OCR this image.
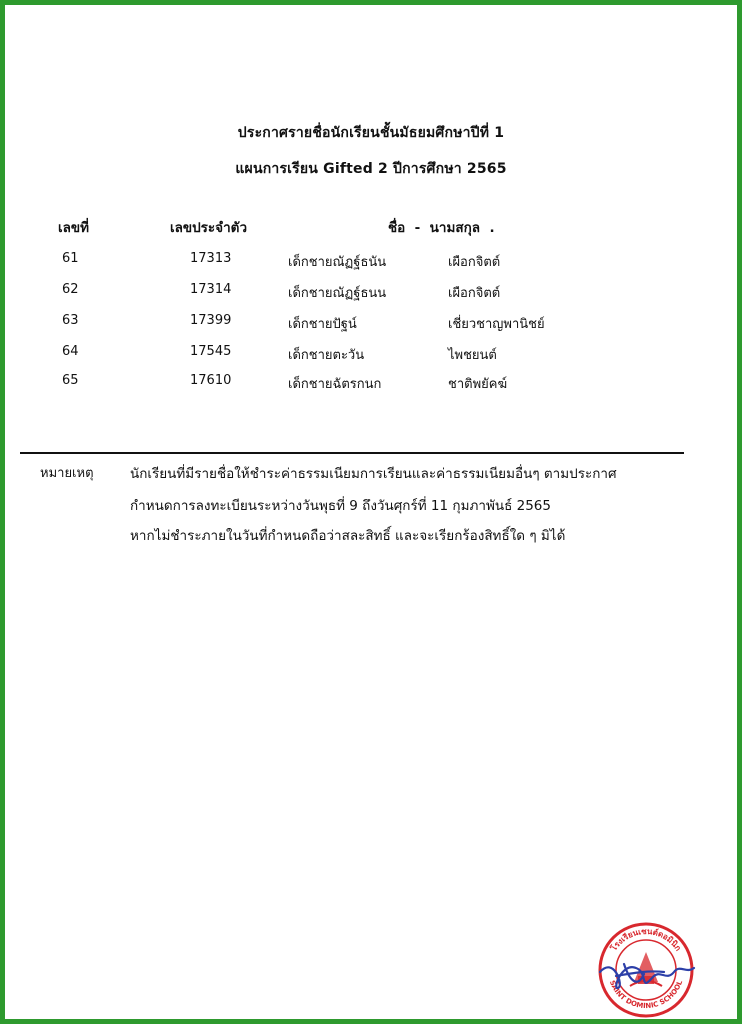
ประกาศรายชื่อนักเรียนชั้นมัธยมศึกษาปีที่ 1
แผนการเรียน Gifted 2 ปีการศึกษา 2565
เลขที่	เลขประจำตัว	ชื่อ  -  นามสกุล  .
61	17313	เด็กชายณัฏฐ์ธนัน	เผือกจิตต์
62	17314	เด็กชายณัฏฐ์ธนน	เผือกจิตต์
63	17399	เด็กชายปัฐน์	เชี่ยวชาญพานิชย์
64	17545	เด็กชายตะวัน	ไพชยนต์
65	17610	เด็กชายฉัตรกนก	ชาติพยัคฆ์
หมายเหตุ	นักเรียนที่มีรายชื่อให้ชำระค่าธรรมเนียมการเรียนและค่าธรรมเนียมอื่นๆ ตามประกาศ
กำหนดการลงทะเบียนระหว่างวันพุธที่ 9 ถึงวันศุกร์ที่ 11 กุมภาพันธ์ 2565
หากไม่ชำระภายในวันที่กำหนดถือว่าสละสิทธิ์ และจะเรียกร้องสิทธิ์ใด ๆ มิได้
โรงเรียนเซนต์ดอมินิก
SAINT DOMINIC SCHOOL
